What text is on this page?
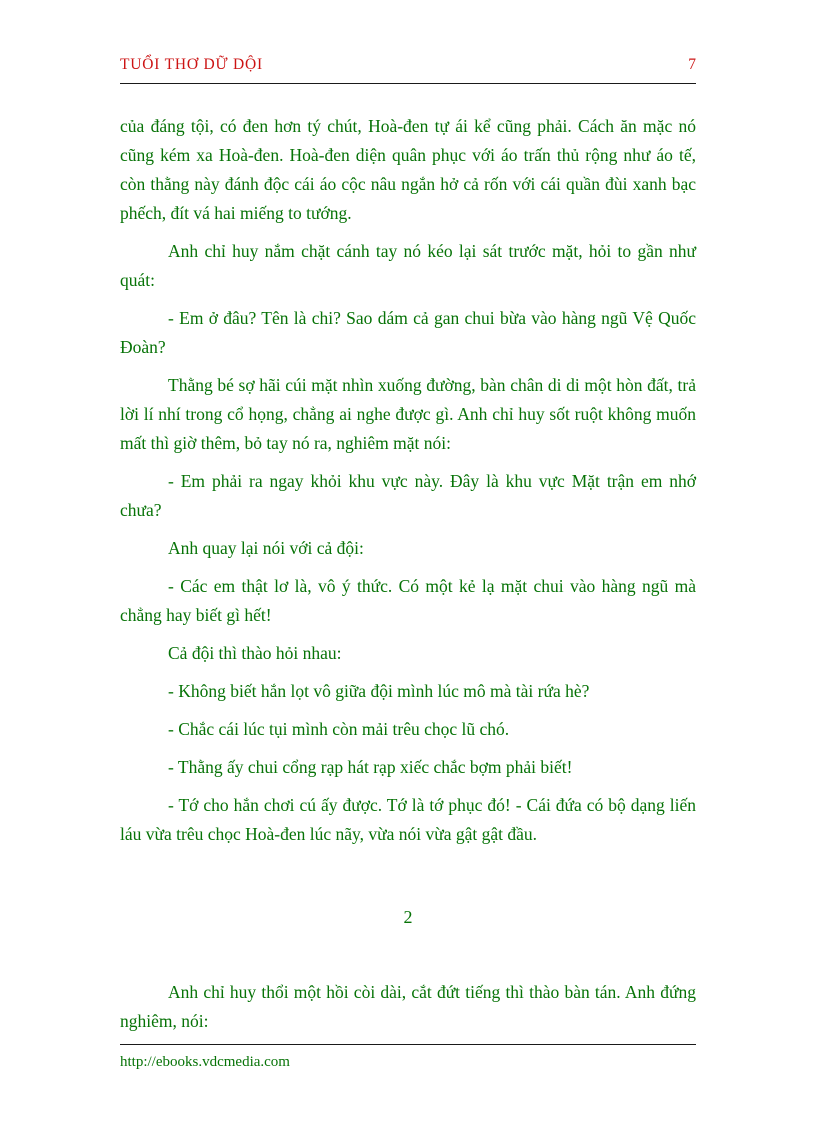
TUỔI THƠ DỮ DỘI	7

của đáng tội, có đen hơn tý chút, Hoà-đen tự ái kể cũng phải. Cách ăn mặc nó cũng kém xa Hoà-đen. Hoà-đen diện quân phục với áo trấn thủ rộng như áo tế, còn thằng này đánh độc cái áo cộc nâu ngắn hở cả rốn với cái quần đùi xanh bạc phếch, đít vá hai miếng to tướng.

Anh chỉ huy nắm chặt cánh tay nó kéo lại sát trước mặt, hỏi to gần như quát:

- Em ở đâu? Tên là chi? Sao dám cả gan chui bừa vào hàng ngũ Vệ Quốc Đoàn?

Thằng bé sợ hãi cúi mặt nhìn xuống đường, bàn chân di di một hòn đất, trả lời lí nhí trong cổ họng, chẳng ai nghe được gì. Anh chỉ huy sốt ruột không muốn mất thì giờ thêm, bỏ tay nó ra, nghiêm mặt nói:

- Em phải ra ngay khỏi khu vực này. Đây là khu vực Mặt trận em nhớ chưa?

Anh quay lại nói với cả đội:

- Các em thật lơ là, vô ý thức. Có một kẻ lạ mặt chui vào hàng ngũ mà chẳng hay biết gì hết!

Cả đội thì thào hỏi nhau:

- Không biết hắn lọt vô giữa đội mình lúc mô mà tài rứa hè?

- Chắc cái lúc tụi mình còn mải trêu chọc lũ chó.

- Thằng ấy chui cổng rạp hát rạp xiếc chắc bợm phải biết!

- Tớ cho hắn chơi cú ấy được. Tớ là tớ phục đó! - Cái đứa có bộ dạng liến láu vừa trêu chọc Hoà-đen lúc nãy, vừa nói vừa gật gật đầu.

2

Anh chỉ huy thổi một hồi còi dài, cắt đứt tiếng thì thào bàn tán. Anh đứng nghiêm, nói:

http://ebooks.vdcmedia.com
